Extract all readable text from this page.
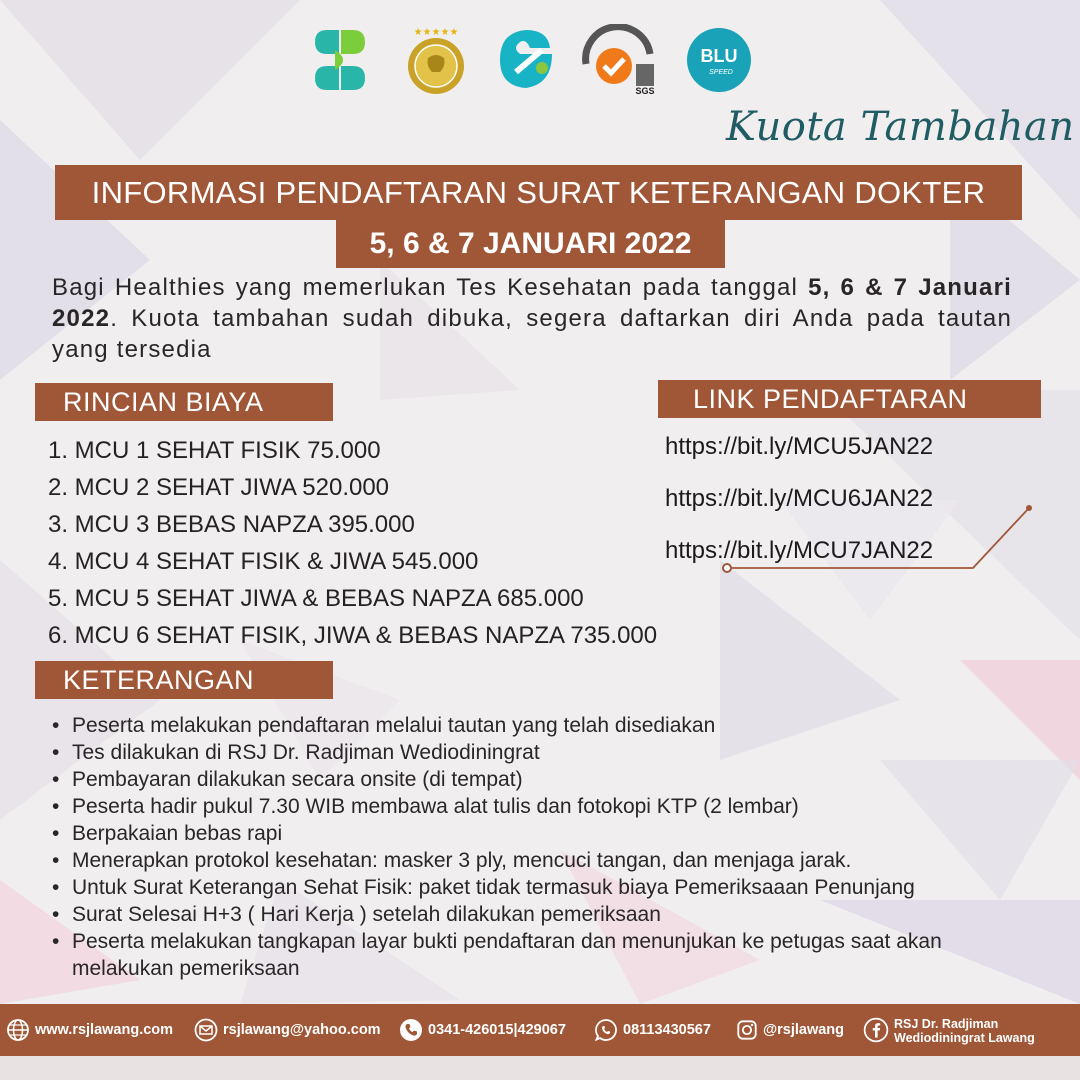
★★★★★
SGS
BLU
SPEED
Kuota Tambahan
INFORMASI PENDAFTARAN SURAT KETERANGAN DOKTER
5, 6 & 7 JANUARI 2022
Bagi Healthies yang memerlukan Tes Kesehatan pada tanggal 5, 6 & 7 Januari 2022. Kuota tambahan sudah dibuka, segera daftarkan diri Anda pada tautan yang tersedia
RINCIAN BIAYA
1. MCU 1 SEHAT FISIK 75.000
2. MCU 2 SEHAT JIWA 520.000
3. MCU 3 BEBAS NAPZA 395.000
4. MCU 4 SEHAT FISIK & JIWA 545.000
5. MCU 5 SEHAT JIWA & BEBAS NAPZA 685.000
6. MCU 6 SEHAT FISIK, JIWA & BEBAS NAPZA 735.000
LINK PENDAFTARAN
https://bit.ly/MCU5JAN22
https://bit.ly/MCU6JAN22
https://bit.ly/MCU7JAN22
KETERANGAN
• Peserta melakukan pendaftaran melalui tautan yang telah disediakan
• Tes dilakukan di RSJ Dr. Radjiman Wediodiningrat
• Pembayaran dilakukan secara onsite (di tempat)
• Peserta hadir pukul 7.30 WIB membawa alat tulis dan fotokopi KTP (2 lembar)
• Berpakaian bebas rapi
• Menerapkan protokol kesehatan: masker 3 ply, mencuci tangan, dan menjaga jarak.
• Untuk Surat Keterangan Sehat Fisik: paket tidak termasuk biaya Pemeriksaaan Penunjang
• Surat Selesai H+3 ( Hari Kerja ) setelah dilakukan pemeriksaan
• Peserta melakukan tangkapan layar bukti pendaftaran dan menunjukan ke petugas saat akan melakukan pemeriksaan
www.rsjlawang.com	rsjlawang@yahoo.com	0341-426015|429067	08113430567	@rsjlawang	RSJ Dr. Radjiman
Wediodiningrat Lawang
